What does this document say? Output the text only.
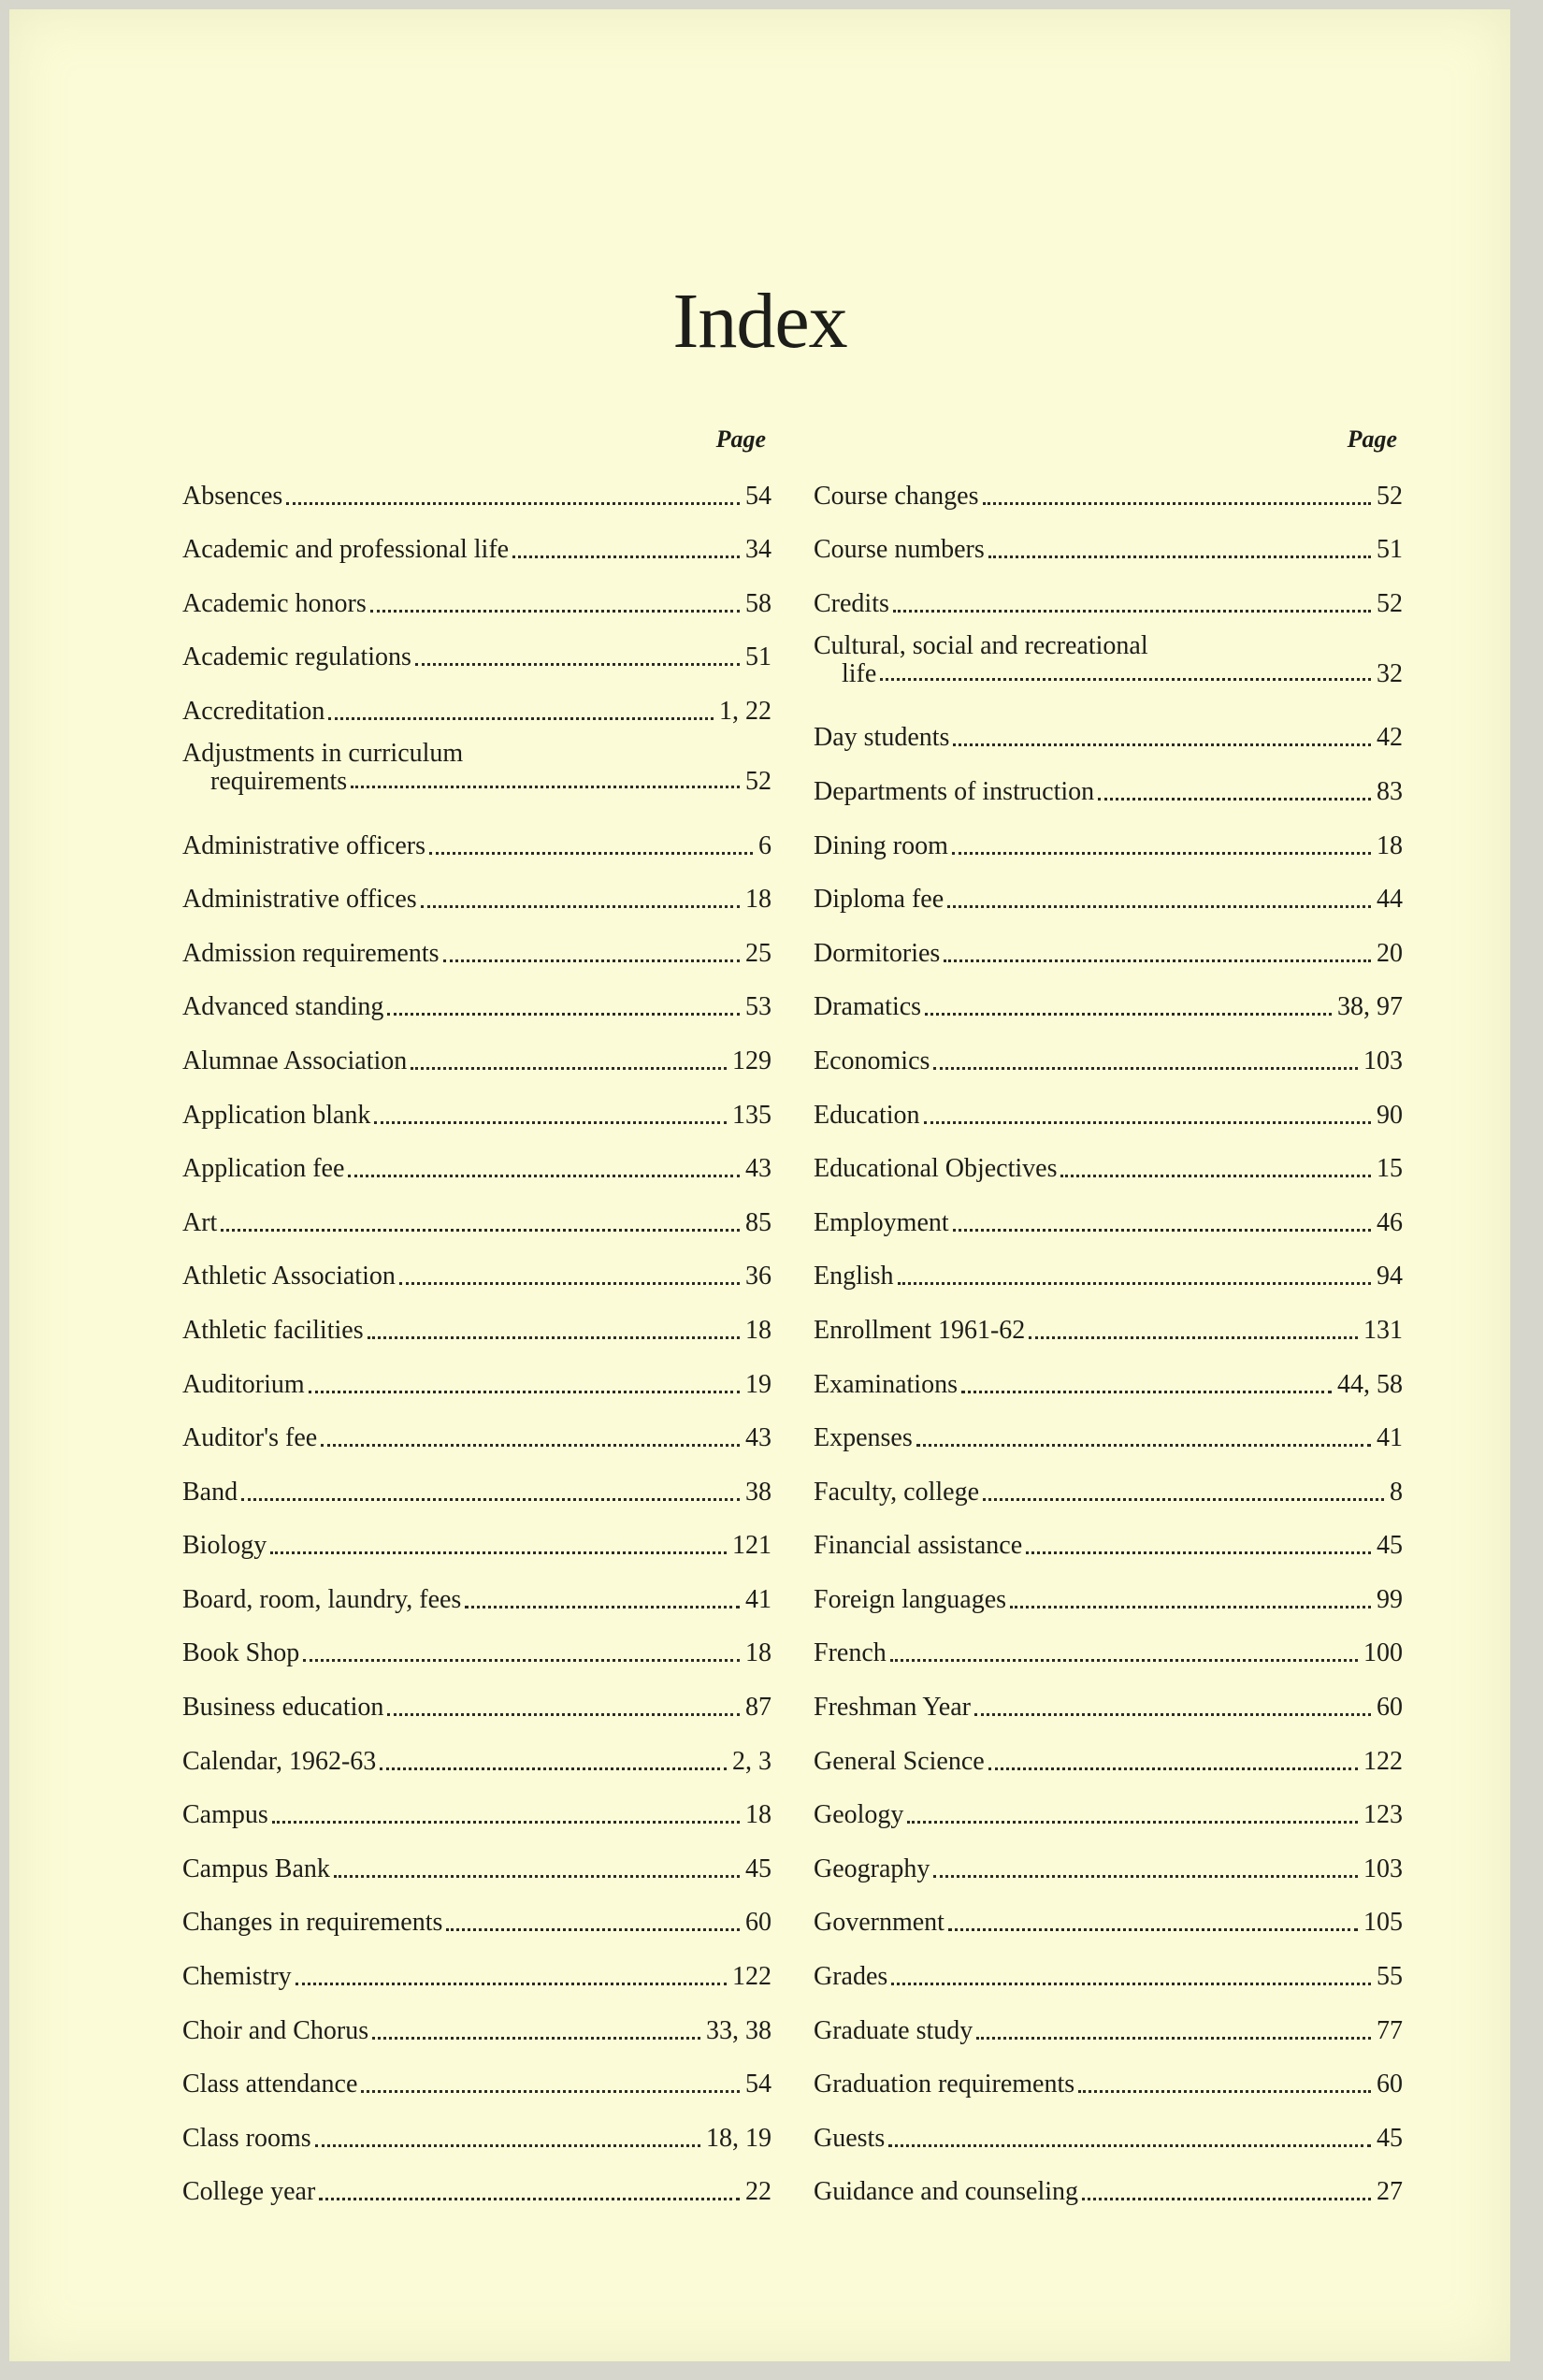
Index
Page
Absences	54
Academic and professional life	34
Academic honors	58
Academic regulations	51
Accreditation	1, 22
Adjustments in curriculum
requirements	52
Administrative officers	6
Administrative offices	18
Admission requirements	25
Advanced standing	53
Alumnae Association	129
Application blank	135
Application fee	43
Art	85
Athletic Association	36
Athletic facilities	18
Auditorium	19
Auditor's fee	43
Band	38
Biology	121
Board, room, laundry, fees	41
Book Shop	18
Business education	87
Calendar, 1962-63	2, 3
Campus	18
Campus Bank	45
Changes in requirements	60
Chemistry	122
Choir and Chorus	33, 38
Class attendance	54
Class rooms	18, 19
College year	22
Page
Course changes	52
Course numbers	51
Credits	52
Cultural, social and recreational
life	32
Day students	42
Departments of instruction	83
Dining room	18
Diploma fee	44
Dormitories	20
Dramatics	38, 97
Economics	103
Education	90
Educational Objectives	15
Employment	46
English	94
Enrollment 1961-62	131
Examinations	44, 58
Expenses	41
Faculty, college	8
Financial assistance	45
Foreign languages	99
French	100
Freshman Year	60
General Science	122
Geology	123
Geography	103
Government	105
Grades	55
Graduate study	77
Graduation requirements	60
Guests	45
Guidance and counseling	27
